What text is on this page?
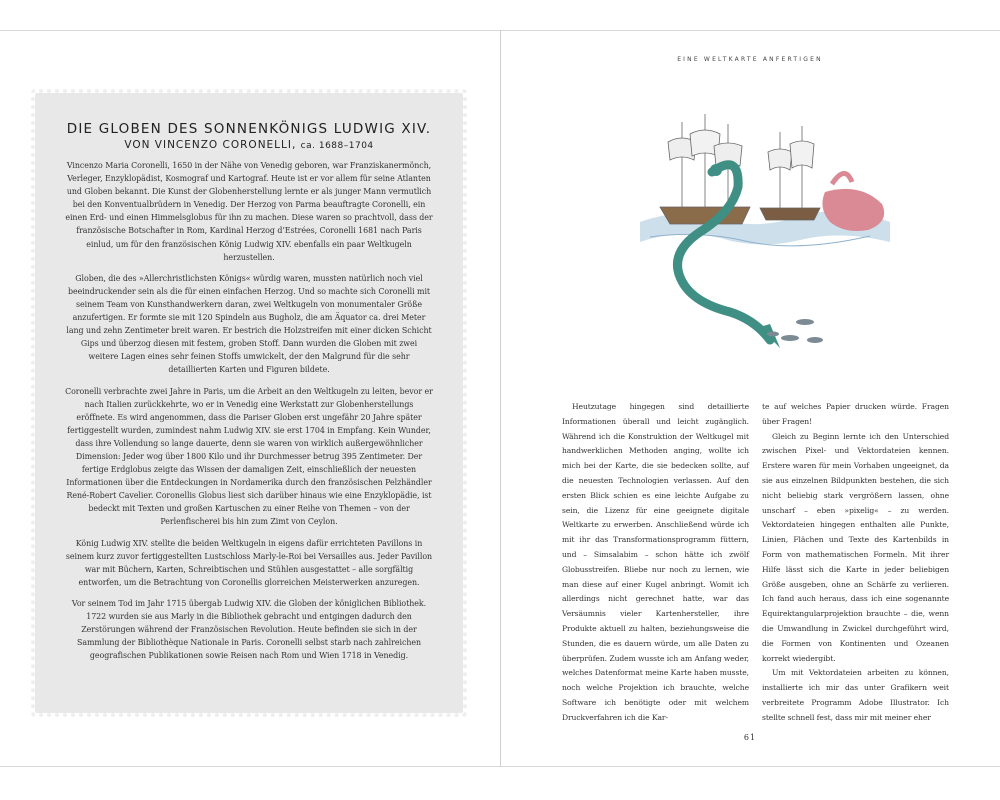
DIE GLOBEN DES SONNENKÖNIGS LUDWIG XIV.
VON VINCENZO CORONELLI, ca. 1688–1704

Vincenzo Maria Coronelli, 1650 in der Nähe von Venedig geboren, war Franziskanermönch, Verleger, Enzyklopädist, Kosmograf und Kartograf. Heute ist er vor allem für seine Atlanten und Globen bekannt. Die Kunst der Globenherstellung lernte er als junger Mann vermutlich bei den Konventualbrüdern in Venedig. Der Herzog von Parma beauftragte Coronelli, ein einen Erd- und einen Himmelsglobus für ihn zu machen. Diese waren so prachtvoll, dass der französische Botschafter in Rom, Kardinal Herzog d’Estrées, Coronelli 1681 nach Paris einlud, um für den französischen König Ludwig XIV. ebenfalls ein paar Weltkugeln herzustellen.

Globen, die des »Allerchristlichsten Königs« würdig waren, mussten natürlich noch viel beeindruckender sein als die für einen einfachen Herzog. Und so machte sich Coronelli mit seinem Team von Kunsthandwerkern daran, zwei Weltkugeln von monumentaler Größe anzufertigen. Er formte sie mit 120 Spindeln aus Bugholz, die am Äquator ca. drei Meter lang und zehn Zentimeter breit waren. Er bestrich die Holzstreifen mit einer dicken Schicht Gips und überzog diesen mit festem, groben Stoff. Dann wurden die Globen mit zwei weitere Lagen eines sehr feinen Stoffs umwickelt, der den Malgrund für die sehr detaillierten Karten und Figuren bildete.

Coronelli verbrachte zwei Jahre in Paris, um die Arbeit an den Weltkugeln zu leiten, bevor er nach Italien zurückkehrte, wo er in Venedig eine Werkstatt zur Globenherstellungs eröffnete. Es wird angenommen, dass die Pariser Globen erst ungefähr 20 Jahre später fertiggestellt wurden, zumindest nahm Ludwig XIV. sie erst 1704 in Empfang. Kein Wunder, dass ihre Vollendung so lange dauerte, denn sie waren von wirklich außergewöhnlicher Dimension: Jeder wog über 1800 Kilo und ihr Durchmesser betrug 395 Zentimeter. Der fertige Erdglobus zeigte das Wissen der damaligen Zeit, einschließlich der neuesten Informationen über die Entdeckungen in Nordamerika durch den französischen Pelzhändler René-Robert Cavelier. Coronellis Globus liest sich darüber hinaus wie eine Enzyklopädie, ist bedeckt mit Texten und großen Kartuschen zu einer Reihe von Themen – von der Perlenfischerei bis hin zum Zimt von Ceylon.

König Ludwig XIV. stellte die beiden Weltkugeln in eigens dafür errichteten Pavillons in seinem kurz zuvor fertiggestellten Lustschloss Marly-le-Roi bei Versailles aus. Jeder Pavillon war mit Büchern, Karten, Schreibtischen und Stühlen ausgestattet – alle sorgfältig entworfen, um die Betrachtung von Coronellis glorreichen Meisterwerken anzuregen.

Vor seinem Tod im Jahr 1715 übergab Ludwig XIV. die Globen der königlichen Bibliothek. 1722 wurden sie aus Marly in die Bibliothek gebracht und entgingen dadurch den Zerstörungen während der Französischen Revolution. Heute befinden sie sich in der Sammlung der Bibliothèque Nationale in Paris. Coronelli selbst starb nach zahlreichen geografischen Publikationen sowie Reisen nach Rom und Wien 1718 in Venedig.

EINE WELTKARTE ANFERTIGEN

Heutzutage hingegen sind detaillierte Informationen überall und leicht zugänglich. Während ich die Konstruktion der Weltkugel mit handwerklichen Methoden anging, wollte ich mich bei der Karte, die sie bedecken sollte, auf die neuesten Technologien verlassen. Auf den ersten Blick schien es eine leichte Aufgabe zu sein, die Lizenz für eine geeignete digitale Weltkarte zu erwerben. Anschließend würde ich mit ihr das Transformationsprogramm füttern, und – Simsalabim – schon hätte ich zwölf Globusstreifen. Bliebe nur noch zu lernen, wie man diese auf einer Kugel anbringt. Womit ich allerdings nicht gerechnet hatte, war das Versäumnis vieler Kartenhersteller, ihre Produkte aktuell zu halten, beziehungsweise die Stunden, die es dauern würde, um alle Daten zu überprüfen. Zudem wusste ich am Anfang weder, welches Datenformat meine Karte haben musste, noch welche Projektion ich brauchte, welche Software ich benötigte oder mit welchem Druckverfahren ich die Kar-

te auf welches Papier drucken würde. Fragen über Fragen!

Gleich zu Beginn lernte ich den Unterschied zwischen Pixel- und Vektordateien kennen. Erstere waren für mein Vorhaben ungeeignet, da sie aus einzelnen Bildpunkten bestehen, die sich nicht beliebig stark vergrößern lassen, ohne unscharf – eben »pixelig« – zu werden. Vektordateien hingegen enthalten alle Punkte, Linien, Flächen und Texte des Kartenbilds in Form von mathematischen Formeln. Mit ihrer Hilfe lässt sich die Karte in jeder beliebigen Größe ausgeben, ohne an Schärfe zu verlieren. Ich fand auch heraus, dass ich eine sogenannte Equirektangularprojektion brauchte – die, wenn die Umwandlung in Zwickel durchgeführt wird, die Formen von Kontinenten und Ozeanen korrekt wiedergibt.

Um mit Vektordateien arbeiten zu können, installierte ich mir das unter Grafikern weit verbreitete Programm Adobe Illustrator. Ich stellte schnell fest, dass mir mit meiner eher

61
